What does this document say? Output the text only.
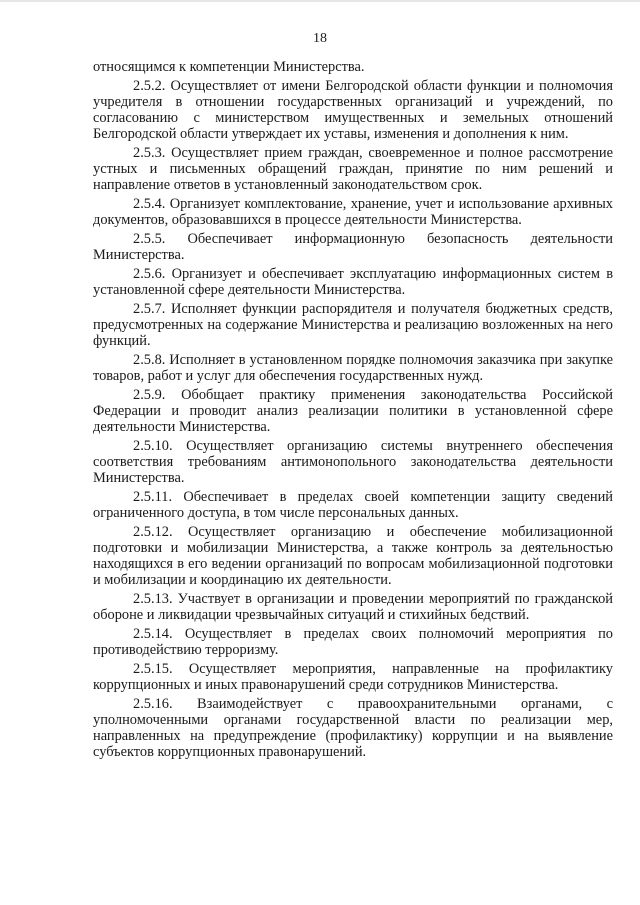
18

относящимся к компетенции Министерства.

2.5.2. Осуществляет от имени Белгородской области функции и полномочия учредителя в отношении государственных организаций и учреждений, по согласованию с министерством имущественных и земельных отношений Белгородской области утверждает их уставы, изменения и дополнения к ним.

2.5.3. Осуществляет прием граждан, своевременное и полное рассмотрение устных и письменных обращений граждан, принятие по ним решений и направление ответов в установленный законодательством срок.

2.5.4. Организует комплектование, хранение, учет и использование архивных документов, образовавшихся в процессе деятельности Министерства.

2.5.5. Обеспечивает информационную безопасность деятельности Министерства.

2.5.6. Организует и обеспечивает эксплуатацию информационных систем в установленной сфере деятельности Министерства.

2.5.7. Исполняет функции распорядителя и получателя бюджетных средств, предусмотренных на содержание Министерства и реализацию возложенных на него функций.

2.5.8. Исполняет в установленном порядке полномочия заказчика при закупке товаров, работ и услуг для обеспечения государственных нужд.

2.5.9. Обобщает практику применения законодательства Российской Федерации и проводит анализ реализации политики в установленной сфере деятельности Министерства.

2.5.10. Осуществляет организацию системы внутреннего обеспечения соответствия требованиям антимонопольного законодательства деятельности Министерства.

2.5.11. Обеспечивает в пределах своей компетенции защиту сведений ограниченного доступа, в том числе персональных данных.

2.5.12. Осуществляет организацию и обеспечение мобилизационной подготовки и мобилизации Министерства, а также контроль за деятельностью находящихся в его ведении организаций по вопросам мобилизационной подготовки и мобилизации и координацию их деятельности.

2.5.13. Участвует в организации и проведении мероприятий по гражданской обороне и ликвидации чрезвычайных ситуаций и стихийных бедствий.

2.5.14. Осуществляет в пределах своих полномочий мероприятия по противодействию терроризму.

2.5.15. Осуществляет мероприятия, направленные на профилактику коррупционных и иных правонарушений среди сотрудников Министерства.

2.5.16. Взаимодействует с правоохранительными органами, с уполномоченными органами государственной власти по реализации мер, направленных на предупреждение (профилактику) коррупции и на выявление субъектов коррупционных правонарушений.
